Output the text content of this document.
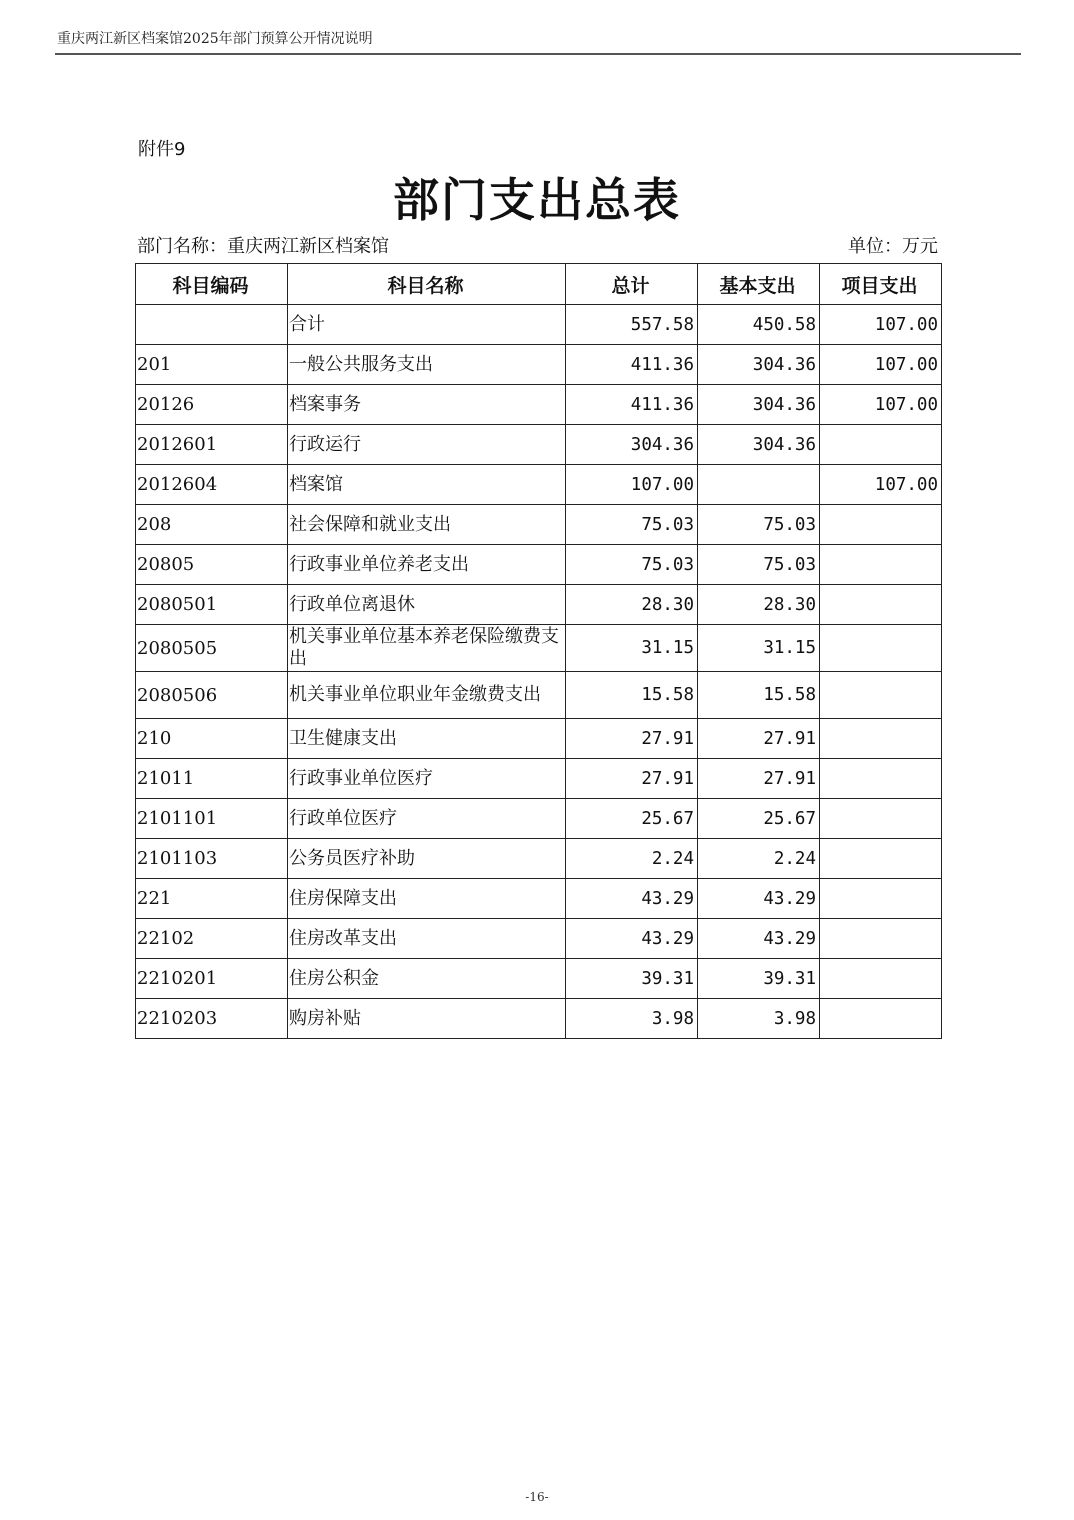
重庆两江新区档案馆2025年部门预算公开情况说明
附件9
部门支出总表
部门名称：重庆两江新区档案馆	单位：万元
科目编码	科目名称	总计	基本支出	项目支出
	合计	557.58	450.58	107.00
201	一般公共服务支出	411.36	304.36	107.00
20126	档案事务	411.36	304.36	107.00
2012601	行政运行	304.36	304.36	
2012604	档案馆	107.00		107.00
208	社会保障和就业支出	75.03	75.03	
20805	行政事业单位养老支出	75.03	75.03	
2080501	行政单位离退休	28.30	28.30	
2080505	机关事业单位基本养老保险缴费支出	31.15	31.15	
2080506	机关事业单位职业年金缴费支出	15.58	15.58	
210	卫生健康支出	27.91	27.91	
21011	行政事业单位医疗	27.91	27.91	
2101101	行政单位医疗	25.67	25.67	
2101103	公务员医疗补助	2.24	2.24	
221	住房保障支出	43.29	43.29	
22102	住房改革支出	43.29	43.29	
2210201	住房公积金	39.31	39.31	
2210203	购房补贴	3.98	3.98	
-16-
